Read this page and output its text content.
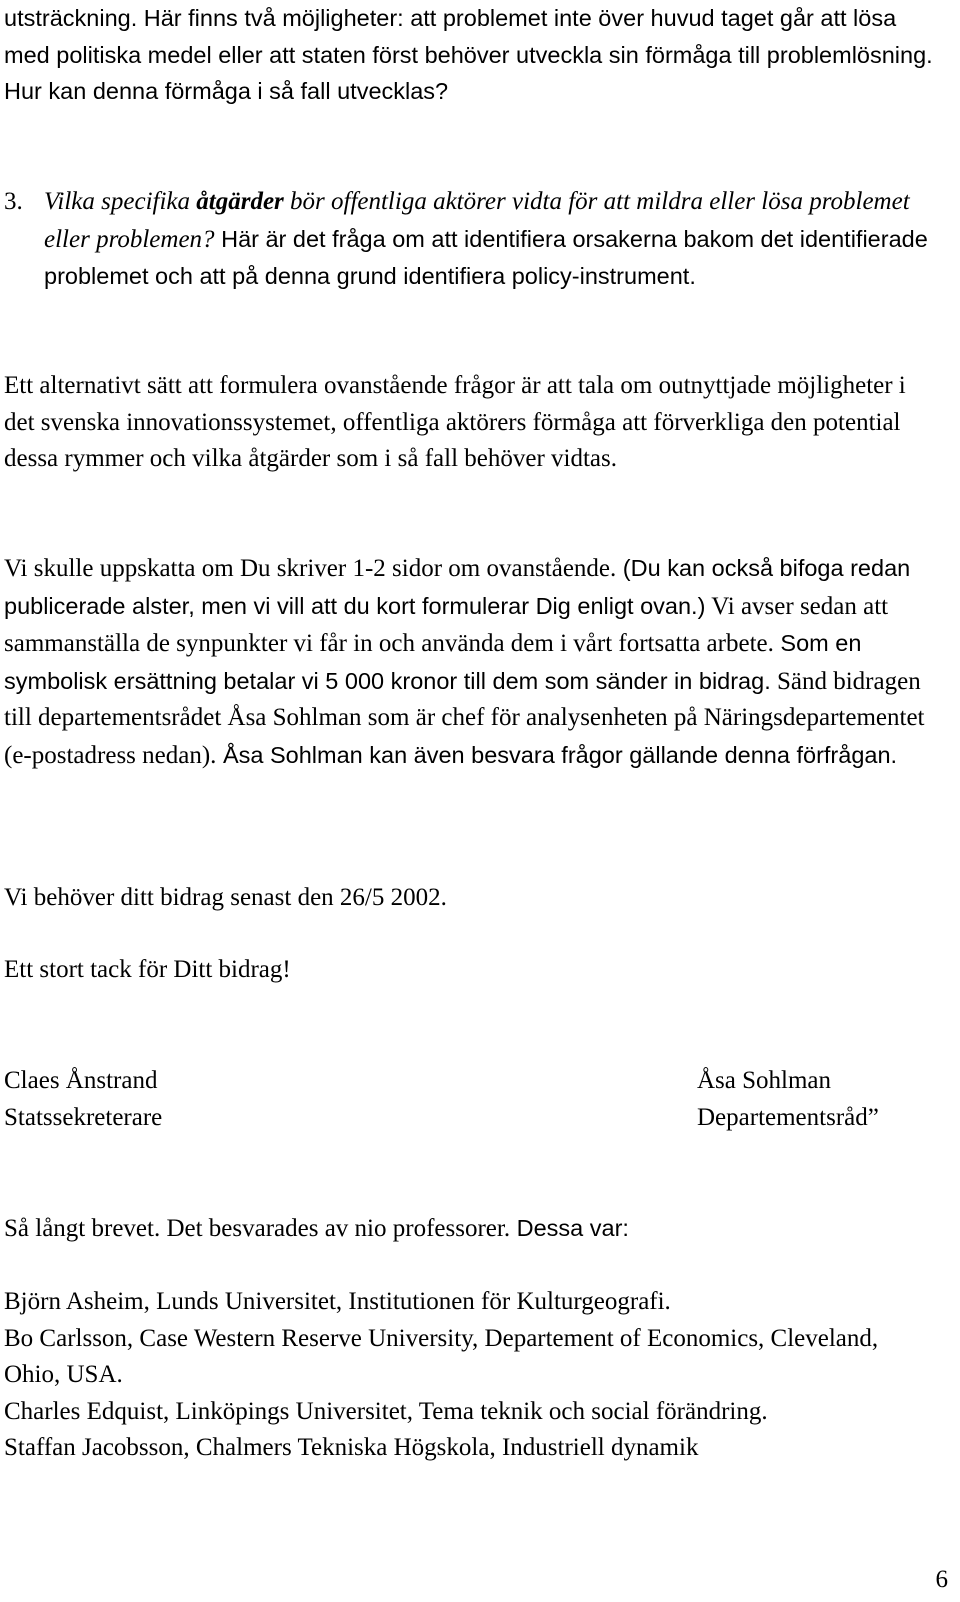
utsträckning. Här finns två möjligheter: att problemet inte över huvud taget går att lösa med politiska medel eller att staten först behöver utveckla sin förmåga till problemlösning. Hur kan denna förmåga i så fall utvecklas?

3. Vilka specifika åtgärder bör offentliga aktörer vidta för att mildra eller lösa problemet eller problemen? Här är det fråga om att identifiera orsakerna bakom det identifierade problemet och att på denna grund identifiera policy-instrument.

Ett alternativt sätt att formulera ovanstående frågor är att tala om outnyttjade möjligheter i det svenska innovationssystemet, offentliga aktörers förmåga att förverkliga den potential dessa rymmer och vilka åtgärder som i så fall behöver vidtas.

Vi skulle uppskatta om Du skriver 1-2 sidor om ovanstående. (Du kan också bifoga redan publicerade alster, men vi vill att du kort formulerar Dig enligt ovan.) Vi avser sedan att sammanställa de synpunkter vi får in och använda dem i vårt fortsatta arbete. Som en symbolisk ersättning betalar vi 5 000 kronor till dem som sänder in bidrag. Sänd bidragen till departementsrådet Åsa Sohlman som är chef för analysenheten på Näringsdepartementet (e-postadress nedan). Åsa Sohlman kan även besvara frågor gällande denna förfrågan.

Vi behöver ditt bidrag senast den 26/5 2002.

Ett stort tack för Ditt bidrag!

Claes Ånstrand
Statssekreterare
Åsa Sohlman
Departementsråd”

Så långt brevet. Det besvarades av nio professorer. Dessa var:

Björn Asheim, Lunds Universitet, Institutionen för Kulturgeografi.
Bo Carlsson, Case Western Reserve University, Departement of Economics, Cleveland, Ohio, USA.
Charles Edquist, Linköpings Universitet, Tema teknik och social förändring.
Staffan Jacobsson, Chalmers Tekniska Högskola, Industriell dynamik
6
